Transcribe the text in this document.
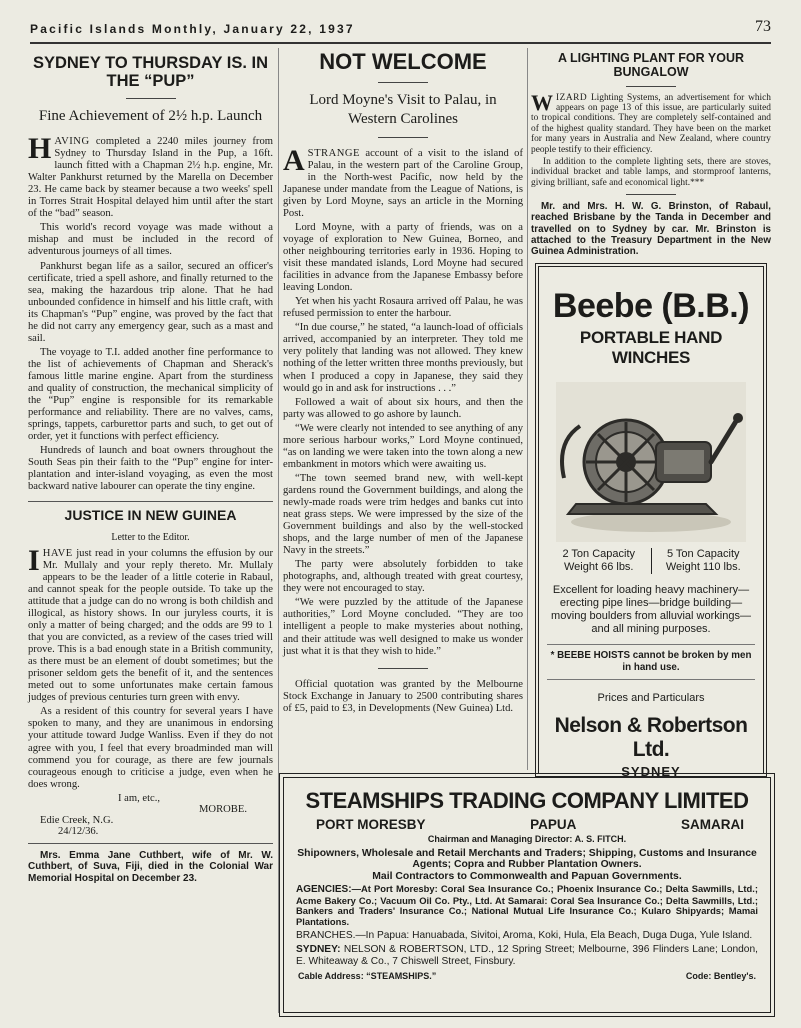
Pacific Islands Monthly, January 22, 1937	73
SYDNEY TO THURSDAY IS. IN THE “PUP”
Fine Achievement of 2½ h.p. Launch

HAVING completed a 2240 miles journey from Sydney to Thursday Island in the Pup, a 16ft. launch fitted with a Chapman 2½ h.p. engine, Mr. Walter Pankhurst returned by the Marella on December 23. He came back by steamer because a two weeks' spell in Torres Strait Hospital delayed him until after the start of the “bad” season.

This world's record voyage was made without a mishap and must be included in the record of adventurous journeys of all times.

Pankhurst began life as a sailor, secured an officer's certificate, tried a spell ashore, and finally returned to the sea, making the hazardous trip alone. That he had unbounded confidence in himself and his little craft, with its Chapman's “Pup” engine, was proved by the fact that he did not carry any emergency gear, such as a mast and sail.

The voyage to T.I. added another fine performance to the list of achievements of Chapman and Sherack's famous little marine engine. Apart from the sturdiness and quality of construction, the mechanical simplicity of the “Pup” engine is responsible for its remarkable performance and reliability. There are no valves, cams, springs, tappets, carburettor parts and such, to get out of order, yet it functions with perfect efficiency.

Hundreds of launch and boat owners throughout the South Seas pin their faith to the “Pup” engine for inter-plantation and inter-island voyaging, as even the most backward native labourer can operate the tiny engine.

JUSTICE IN NEW GUINEA
Letter to the Editor.

IHAVE just read in your columns the effusion by our Mr. Mullaly and your reply thereto. Mr. Mullaly appears to be the leader of a little coterie in Rabaul, and cannot speak for the people outside. To take up the attitude that a judge can do no wrong is both childish and illogical, as history shows. In our juryless courts, it is only a matter of being charged; and the odds are 99 to 1 that you are convicted, as a review of the cases tried will prove. This is a bad enough state in a British community, as there must be an element of doubt sometimes; but the prisoner seldom gets the benefit of it, and the sentences meted out to some unfortunates make certain famous judges of previous centuries turn green with envy.

As a resident of this country for several years I have spoken to many, and they are unanimous in endorsing your attitude toward Judge Wanliss. Even if they do not agree with you, I feel that every broadminded man will commend you for courage, as there are few journals courageous enough to criticise a judge, even when he does wrong.

I am, etc.,
MOROBE.
Edie Creek, N.G.
24/12/36.

Mrs. Emma Jane Cuthbert, wife of Mr. W. Cuthbert, of Suva, Fiji, died in the Colonial War Memorial Hospital on December 23.

NOT WELCOME
Lord Moyne's Visit to Palau, in Western Carolines

ASTRANGE account of a visit to the island of Palau, in the western part of the Caroline Group, in the North-west Pacific, now held by the Japanese under mandate from the League of Nations, is given by Lord Moyne, says an article in the Morning Post.

Lord Moyne, with a party of friends, was on a voyage of exploration to New Guinea, Borneo, and other neighbouring territories early in 1936. Hoping to visit these mandated islands, Lord Moyne had secured facilities in advance from the Japanese Embassy before leaving London.

Yet when his yacht Rosaura arrived off Palau, he was refused permission to enter the harbour.

“In due course,” he stated, “a launch-load of officials arrived, accompanied by an interpreter. They told me very politely that landing was not allowed. They knew nothing of the letter written three months previously, but when I produced a copy in Japanese, they said they would go in and ask for instructions . . .”

Followed a wait of about six hours, and then the party was allowed to go ashore by launch.

“We were clearly not intended to see anything of any more serious harbour works,” Lord Moyne continued, “as on landing we were taken into the town along a new embankment in motors which were awaiting us.

“The town seemed brand new, with well-kept gardens round the Government buildings, and along the newly-made roads were trim hedges and banks cut into neat grass steps. We were impressed by the size of the Government buildings and also by the well-stocked shops, and the large number of men of the Japanese Navy in the streets.”

The party were absolutely forbidden to take photographs, and, although treated with great courtesy, they were not encouraged to stay.

“We were puzzled by the attitude of the Japanese authorities,” Lord Moyne concluded. “They are too intelligent a people to make mysteries about nothing, and their attitude was well designed to make us wonder just what it is that they wish to hide.”

Official quotation was granted by the Melbourne Stock Exchange in January to 2500 contributing shares of £5, paid to £3, in Developments (New Guinea) Ltd.

A LIGHTING PLANT FOR YOUR BUNGALOW

WIZARD Lighting Systems, an advertisement for which appears on page 13 of this issue, are particularly suited to tropical conditions. They are completely self-contained and of the highest quality standard. They have been on the market for many years in Australia and New Zealand, where country people testify to their efficiency.

In addition to the complete lighting sets, there are stoves, individual bracket and table lamps, and stormproof lanterns, giving brilliant, safe and economical light.***

Mr. and Mrs. H. W. G. Brinston, of Rabaul, reached Brisbane by the Tanda in December and travelled on to Sydney by car. Mr. Brinston is attached to the Treasury Department in the New Guinea Administration.

Beebe (B.B.)
PORTABLE HAND WINCHES
2 Ton Capacity
Weight 66 lbs.
5 Ton Capacity
Weight 110 lbs.
Excellent for loading heavy machinery—erecting pipe lines—bridge building—moving boulders from alluvial workings—and all mining purposes.
* BEEBE HOISTS cannot be broken by men in hand use.
Prices and Particulars
Nelson & Robertson Ltd.
SYDNEY
STEAMSHIPS TRADING COMPANY LIMITED
PORT MORESBY	PAPUA	SAMARAI
Chairman and Managing Director: A. S. FITCH.
Shipowners, Wholesale and Retail Merchants and Traders; Shipping, Customs and Insurance Agents; Copra and Rubber Plantation Owners.
Mail Contractors to Commonwealth and Papuan Governments.
AGENCIES:—At Port Moresby: Coral Sea Insurance Co.; Phoenix Insurance Co.; Delta Sawmills, Ltd.; Acme Bakery Co.; Vacuum Oil Co. Pty., Ltd. At Samarai: Coral Sea Insurance Co.; Delta Sawmills, Ltd.; Bankers and Traders' Insurance Co.; National Mutual Life Insurance Co.; Kularo Shipyards; Mamai Plantations.
BRANCHES.—In Papua: Hanuabada, Sivitoi, Aroma, Koki, Hula, Ela Beach, Duga Duga, Yule Island.
SYDNEY: NELSON & ROBERTSON, LTD., 12 Spring Street; Melbourne, 396 Flinders Lane; London, E. Whiteaway & Co., 7 Chiswell Street, Finsbury.
Cable Address: “STEAMSHIPS.”	Code: Bentley's.
